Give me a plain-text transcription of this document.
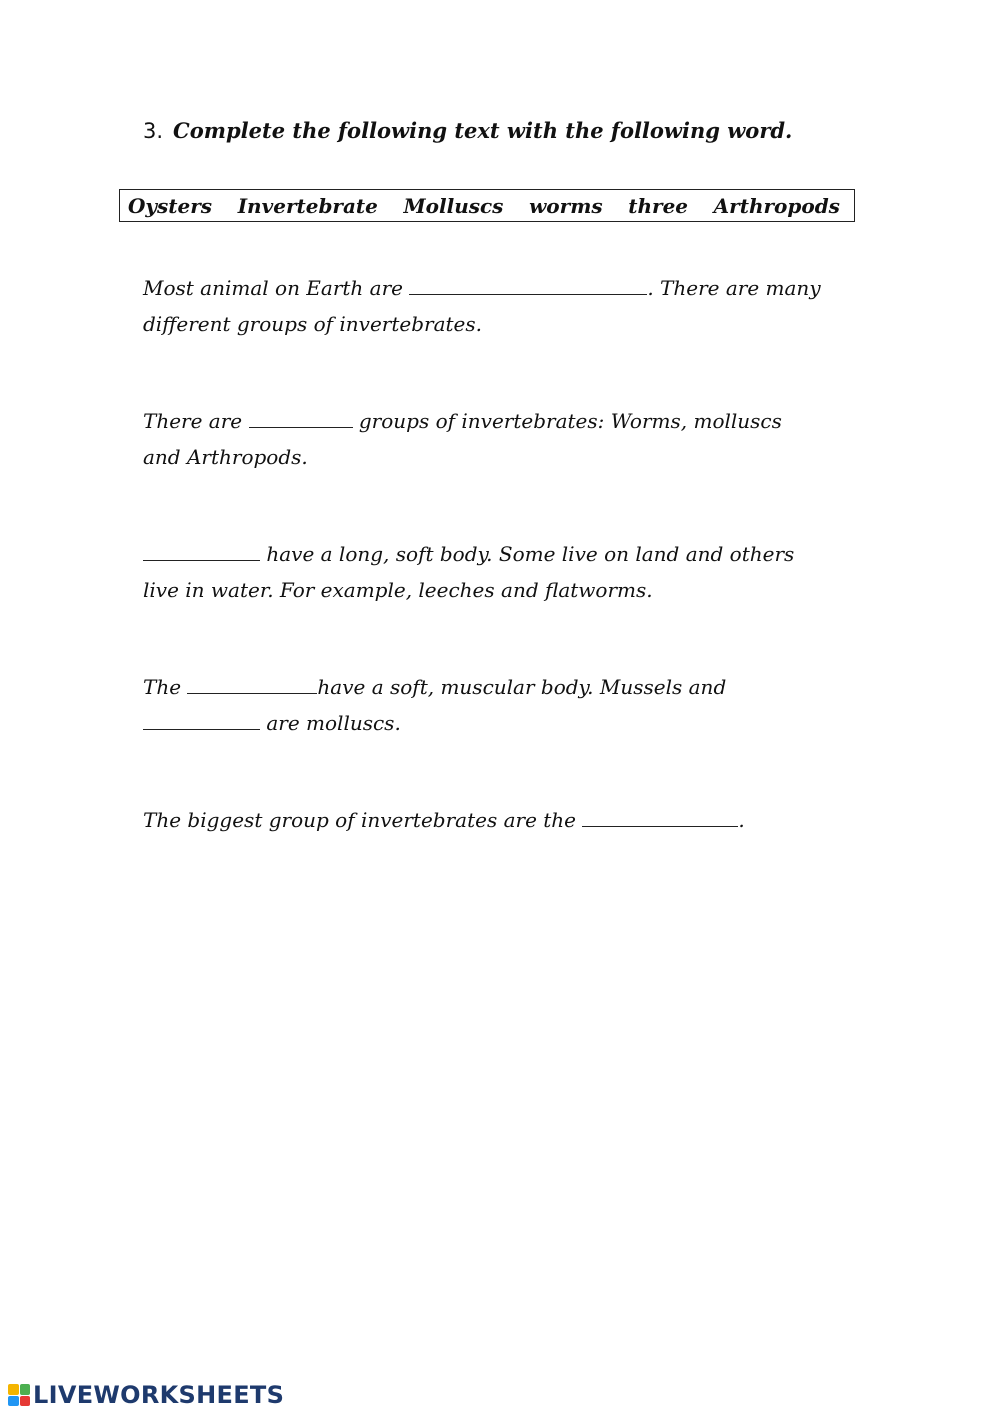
3. Complete the following text with the following word.
Oysters Invertebrate Molluscs worms three Arthropods
Most animal on Earth are	. There are many
different groups of invertebrates.
There are	groups of invertebrates: Worms, molluscs
and Arthropods.
have a long, soft body. Some live on land and others
live in water. For example, leeches and flatworms.
The	have a soft, muscular body. Mussels and
are molluscs.
The biggest group of invertebrates are the	.
LIVEWORKSHEETS
